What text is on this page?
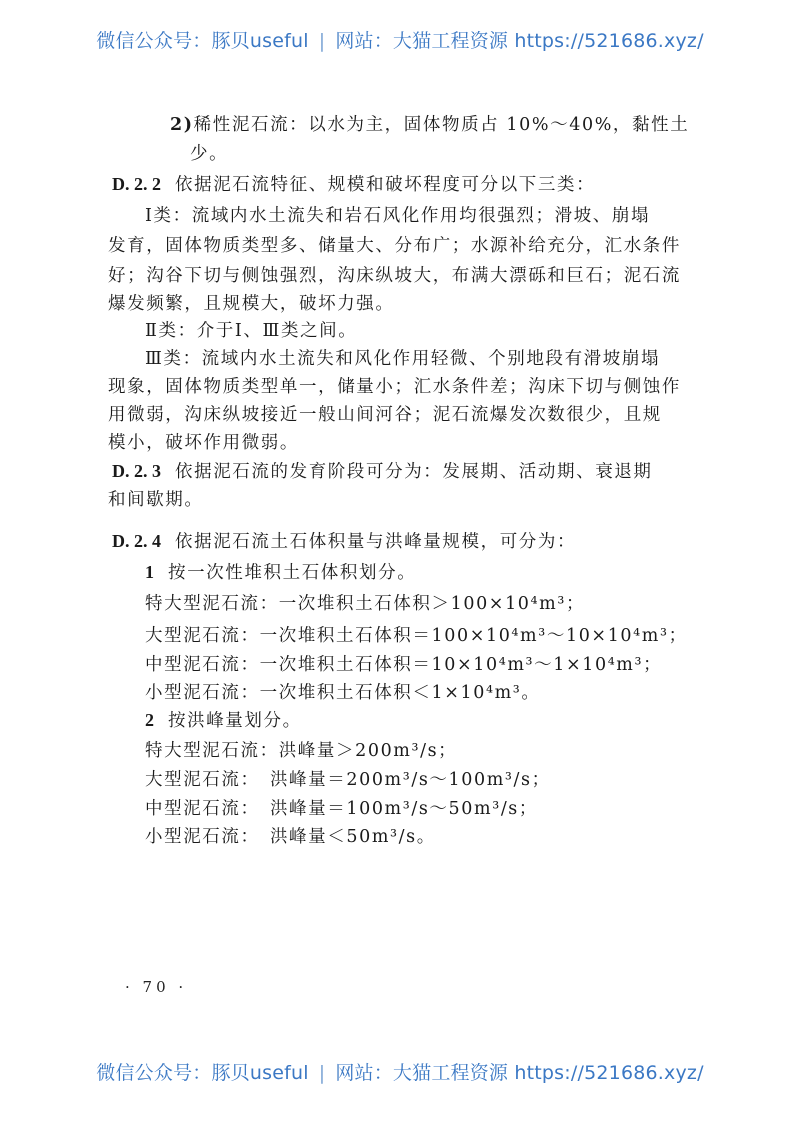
微信公众号：豚贝useful | 网站：大猫工程资源 https://521686.xyz/
2)稀性泥石流：以水为主，固体物质占 10%～40%，黏性土
少。
D. 2. 2 依据泥石流特征、规模和破坏程度可分以下三类：
Ⅰ类：流域内水土流失和岩石风化作用均很强烈；滑坡、崩塌
发育，固体物质类型多、储量大、分布广；水源补给充分，汇水条件
好；沟谷下切与侧蚀强烈，沟床纵坡大，布满大漂砾和巨石；泥石流
爆发频繁，且规模大，破坏力强。
Ⅱ类：介于Ⅰ、Ⅲ类之间。
Ⅲ类：流域内水土流失和风化作用轻微、个别地段有滑坡崩塌
现象，固体物质类型单一，储量小；汇水条件差；沟床下切与侧蚀作
用微弱，沟床纵坡接近一般山间河谷；泥石流爆发次数很少，且规
模小，破坏作用微弱。
D. 2. 3 依据泥石流的发育阶段可分为：发展期、活动期、衰退期
和间歇期。
D. 2. 4 依据泥石流土石体积量与洪峰量规模，可分为：
1 按一次性堆积土石体积划分。
特大型泥石流：一次堆积土石体积＞100×10⁴m³；
大型泥石流：一次堆积土石体积＝100×10⁴m³～10×10⁴m³；
中型泥石流：一次堆积土石体积＝10×10⁴m³～1×10⁴m³；
小型泥石流：一次堆积土石体积＜1×10⁴m³。
2 按洪峰量划分。
特大型泥石流：洪峰量＞200m³/s；
大型泥石流：　洪峰量＝200m³/s～100m³/s；
中型泥石流：　洪峰量＝100m³/s～50m³/s；
小型泥石流：　洪峰量＜50m³/s。
· 70 ·
微信公众号：豚贝useful | 网站：大猫工程资源 https://521686.xyz/
